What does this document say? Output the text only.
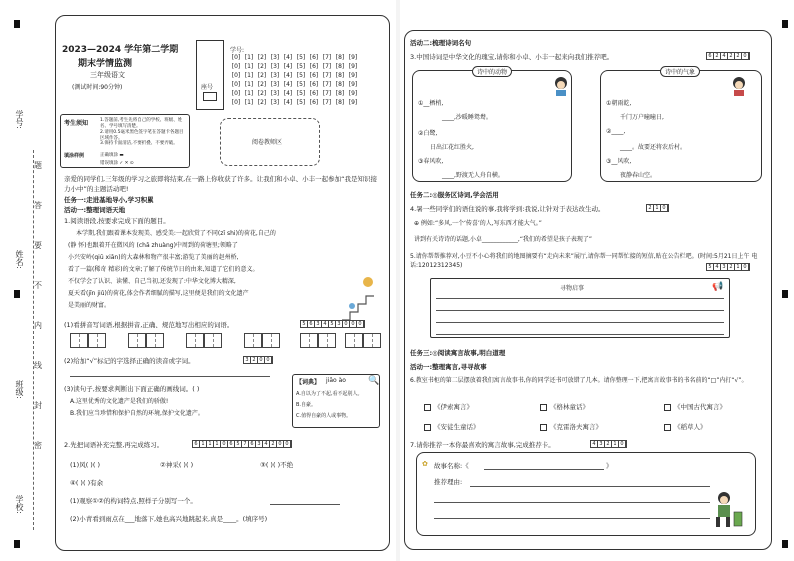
学号:
姓名:
班级:
学校:
题
答
要
不
内
线
封
密
2023—2024 学年第二学期
期末学情监测
三年级语文
(测试时间:90分钟)	座号
学号:
[0] [1] [2] [3] [4] [5] [6] [7] [8] [9]
[0] [1] [2] [3] [4] [5] [6] [7] [8] [9]
[0] [1] [2] [3] [4] [5] [6] [7] [8] [9]
[0] [1] [2] [3] [4] [5] [6] [7] [8] [9]
[0] [1] [2] [3] [4] [5] [6] [7] [8] [9]
[0] [1] [2] [3] [4] [5] [6] [7] [8] [9]
考生须知	1.答题前,考生先将自己的学校、班级、姓名、学号填写清楚。
2.请用0.5毫米黑色签字笔在答题卡各题目区域作答。
3.保持卡面清洁,不要折叠、不要弄破。
填涂样例	正确填涂 ▬
错误填涂 ✓ ✕ ⊙
阅卷教师区
亲爱的同学们,三年级的学习之旅即将结束,在一路上你收获了许多。让我们和小卓、小丰一起参加“我是知识接力小中”的主题活动吧!
任务一:走进基地导小,学习积累
活动一:整理词语天地
1.阅读语段,按要求完成下面的题目。
本学期,我们跟着课本发现美、感受美:一起欣赏了不同(zī shi)的荷花,自己的
(静 怀)也跟着开在微风的 (chā zhuàng)中周到的荷塘里;领略了
小兴安岭(qiū xiān)的大森林和物产很丰富;游览了美丽的赵州桥,
看了一篇(稀奇 精彩)的文章;了解了传统节日的由来,知道了它们的意义。
不仅学会了认识、读懂、自己当初,还发现了:中华文化博大精深,
夏天看(jīn jiǔ)的荷花,体会作者细腻的描写,这里便是我们的文化遗产
是美丽的财富。
(1)看拼音写词语,根据拼音,正确、规范地写出相应的词语。	5 6 3 4 5 3 0 0 0
(2)给加“√”标记的字选择正确的读音或字词。	3 2 0 0
(3)读句子,按要求判断出下面正确的画线词。( )
A.这里优秀的文化遗产是我们的骄傲!
B.我们应当珍惜和保护自然的环境,保护文化遗产。
【词典】 jiāo ào
A.自以为了不起,看不起别人。
B.自豪。
C.值得自豪的人或事物。
🔍
2.先把词语补充完整,再完成练习。	6 1 1 1 0 6 5 7 6 3 4 2 0 0
(1)风( )( )	②神采( )( )	③( )( )不绝
④( )( )有余
(1)观察①②的构词特点,照样子分别写一个。
(2)小青看到雨点在___地落下,她也高兴地跳起来,真是____。(填序号)
活动二:梳理诗词名句
3.中国诗词是中华文化的瑰宝,请你和小卓、小丰一起来向我们推荐吧。	6 2 4 2 2 0
诗中的动物
①__栖梢,
____,沙暖睡鸳鸯。
②白鹭,
日出江花红胜火,
③春风吹,
____,野渡无人舟自横。
诗中的气象
①朝雨乾,
千门万户曈曈日,
②____,
____。故要还将农后村。
③__风吹,
夜静春山空。
任务二:◎服务区诗词,学会活用
4.暑一些同学们的语住说的事,我将学到:我说,让针对于表达改生动。	2 1 0
⊕ 例如:“多风,一个‘传喜’的人,写东西才能大气。”
讲到有关诗诗的话题,小卓____________,“我们的希望是孩子表现了”
5.请你帮帮推荐对,小豆不小心将我们的地图摘要有“走向未来”展厅,请你帮一同帮忙接的短信,贴在公告栏吧。(时间:5月21日上午 电话:12012312345)	5 4 3 2 1 0
寻物启事	📢
任务三:◎阅读寓言故事,明白道理
活动一:整理寓言,寻寻故事
6.教室书柜的第二层摆放着我们寓言故事书,你的同学还书可放错了几本。请你整理一下,把寓言故事书的书名前的“□”内打“√”。
《伊索寓言》	《格林童话》	《中国古代寓言》
《安徒生童话》	《克雷洛夫寓言》	《稻草人》
7.请你推荐一本你最喜欢的寓言故事,完成推荐卡。	4 3 2 1 0
✿ 故事名称:《	》
推荐理由:
